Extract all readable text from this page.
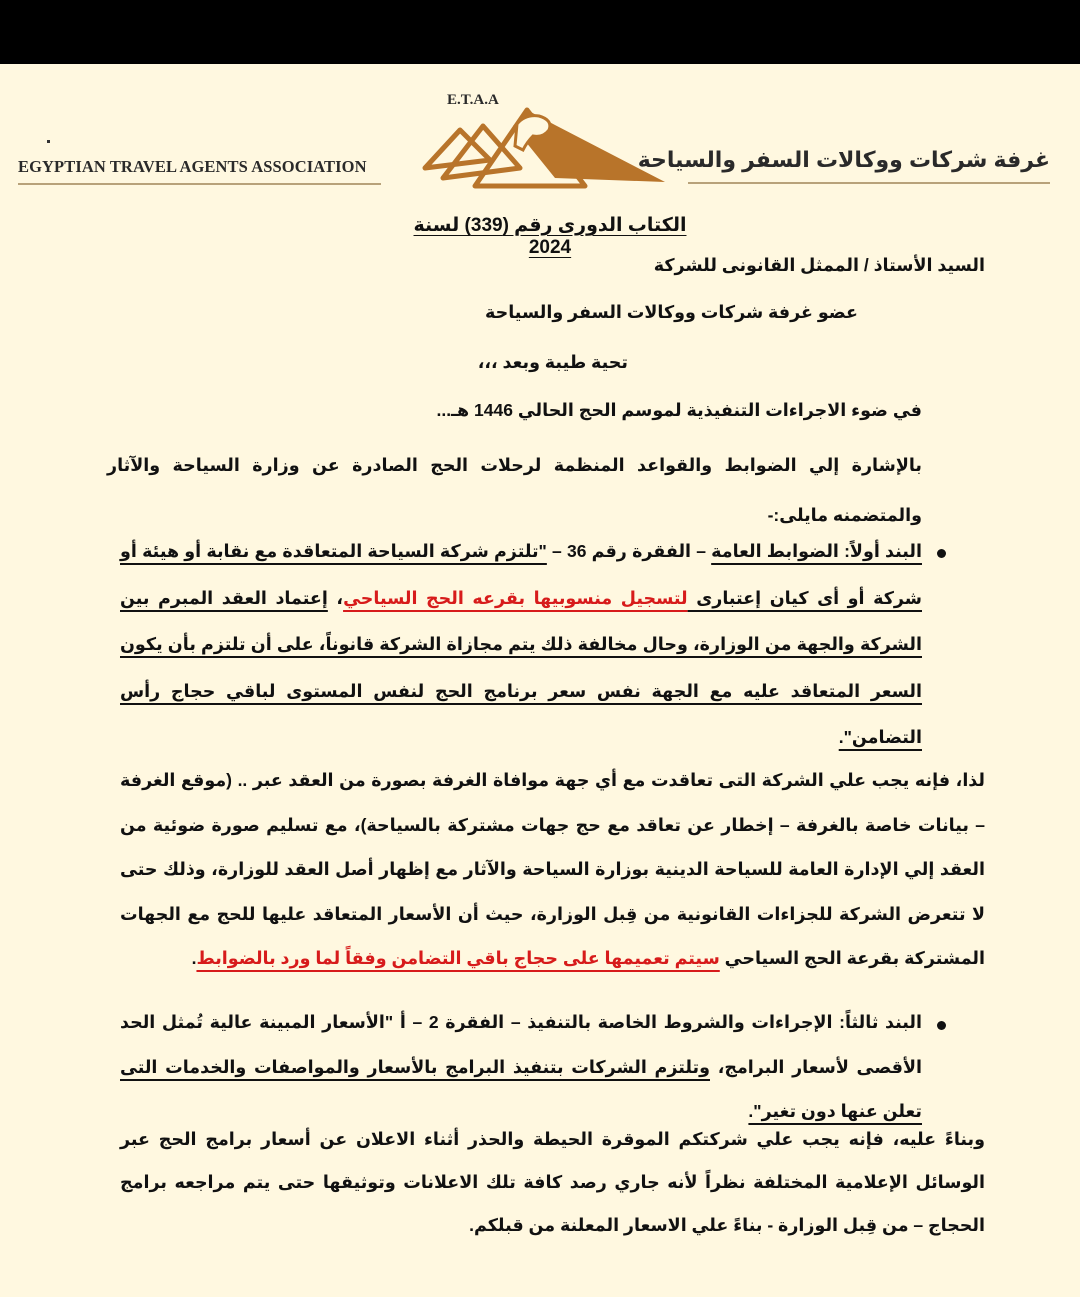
EGYPTIAN TRAVEL AGENTS ASSOCIATION	غرفة شركات ووكالات السفر والسياحة
E.T.A.A
الكتاب الدورى رقم (339) لسنة 2024
السيد الأستاذ / الممثل القانونى للشركة
عضو غرفة شركات ووكالات السفر والسياحة
تحية طيبة وبعد ،،،
في ضوء الاجراءات التنفيذية لموسم الحج الحالي 1446 هـ...
بالإشارة إلي الضوابط والقواعد المنظمة لرحلات الحج الصادرة عن وزارة السياحة والآثار والمتضمنه مايلى:-
البند أولاً: الضوابط العامة – الفقرة رقم 36 – "تلتزم شركة السياحة المتعاقدة مع نقابة أو هيئة أو شركة أو أى كيان إعتبارى لتسجيل منسوبيها بقرعه الحج السياحي، إعتماد العقد المبرم بين الشركة والجهة من الوزارة، وحال مخالفة ذلك يتم مجازاة الشركة قانوناً، على أن تلتزم بأن يكون السعر المتعاقد عليه مع الجهة نفس سعر برنامج الحج لنفس المستوى لباقي حجاج رأس التضامن".
لذا، فإنه يجب علي الشركة التى تعاقدت مع أي جهة موافاة الغرفة بصورة من العقد عبر .. (موقع الغرفة – بيانات خاصة بالغرفة – إخطار عن تعاقد مع حج جهات مشتركة بالسياحة)، مع تسليم صورة ضوئية من العقد إلي الإدارة العامة للسياحة الدينية بوزارة السياحة والآثار مع إظهار أصل العقد للوزارة، وذلك حتى لا تتعرض الشركة للجزاءات القانونية من قِبل الوزارة، حيث أن الأسعار المتعاقد عليها للحج مع الجهات المشتركة بقرعة الحج السياحي سيتم تعميمها على حجاج باقي التضامن وفقاً لما ورد بالضوابط.
البند ثالثاً: الإجراءات والشروط الخاصة بالتنفيذ – الفقرة 2 – أ "الأسعار المبينة عالية تُمثل الحد الأقصى لأسعار البرامج، وتلتزم الشركات بتنفيذ البرامج بالأسعار والمواصفات والخدمات التى تعلن عنها دون تغير".
وبناءً عليه، فإنه يجب علي شركتكم الموقرة الحيطة والحذر أثناء الاعلان عن أسعار برامج الحج عبر الوسائل الإعلامية المختلفة نظراً لأنه جاري رصد كافة تلك الاعلانات وتوثيقها حتى يتم مراجعه برامج الحجاج – من قِبل الوزارة - بناءً علي الاسعار المعلنة من قبلكم.
